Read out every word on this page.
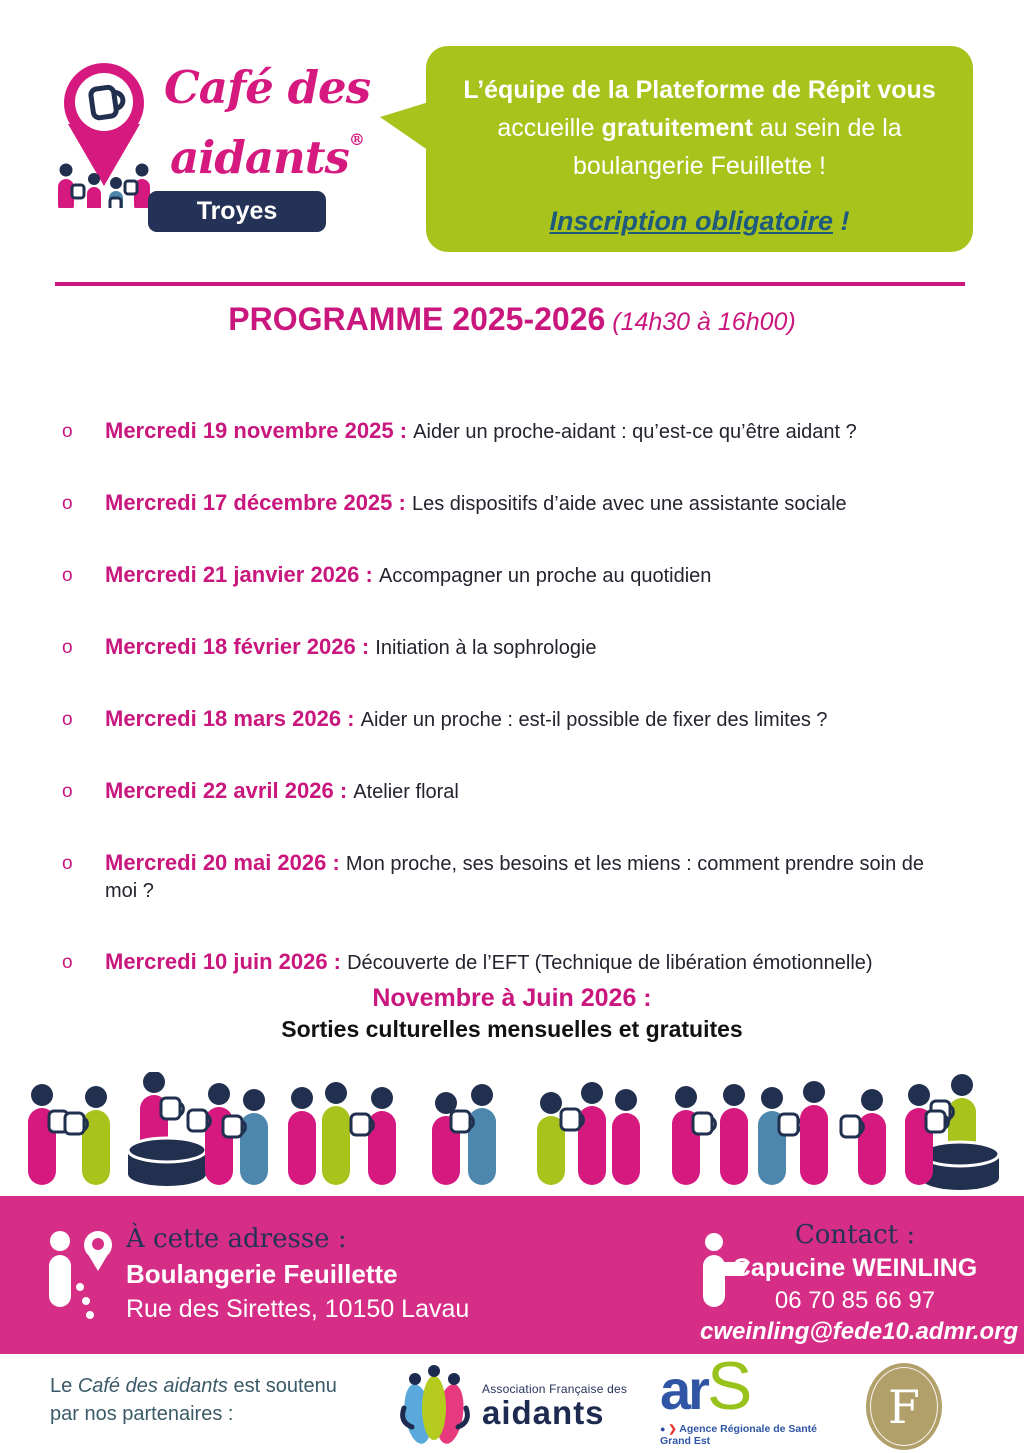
Café des
aidants®
Troyes
L’équipe de la Plateforme de Répit vous accueille gratuitement au sein de la boulangerie Feuillette !
Inscription obligatoire !
PROGRAMME 2025-2026 (14h30 à 16h00)
o Mercredi 19 novembre 2025 : Aider un proche-aidant : qu’est-ce qu’être aidant ?
o Mercredi 17 décembre 2025 : Les dispositifs d’aide avec une assistante sociale
o Mercredi 21 janvier 2026 : Accompagner un proche au quotidien
o Mercredi 18 février 2026 : Initiation à la sophrologie
o Mercredi 18 mars 2026 : Aider un proche : est-il possible de fixer des limites ?
o Mercredi 22 avril 2026 : Atelier floral
o Mercredi 20 mai 2026 : Mon proche, ses besoins et les miens : comment prendre soin de moi ?
o Mercredi 10 juin 2026 : Découverte de l’EFT (Technique de libération émotionnelle)
Novembre à Juin 2026 :
Sorties culturelles mensuelles et gratuites
À cette adresse :
Boulangerie Feuillette
Rue des Sirettes, 10150 Lavau
Contact :
Capucine WEINLING
06 70 85 66 97
cweinling@fede10.admr.org
Le Café des aidants est soutenu par nos partenaires :
Association Française des
aidants arS
● ❯ Agence Régionale de Santé
Grand Est
F
